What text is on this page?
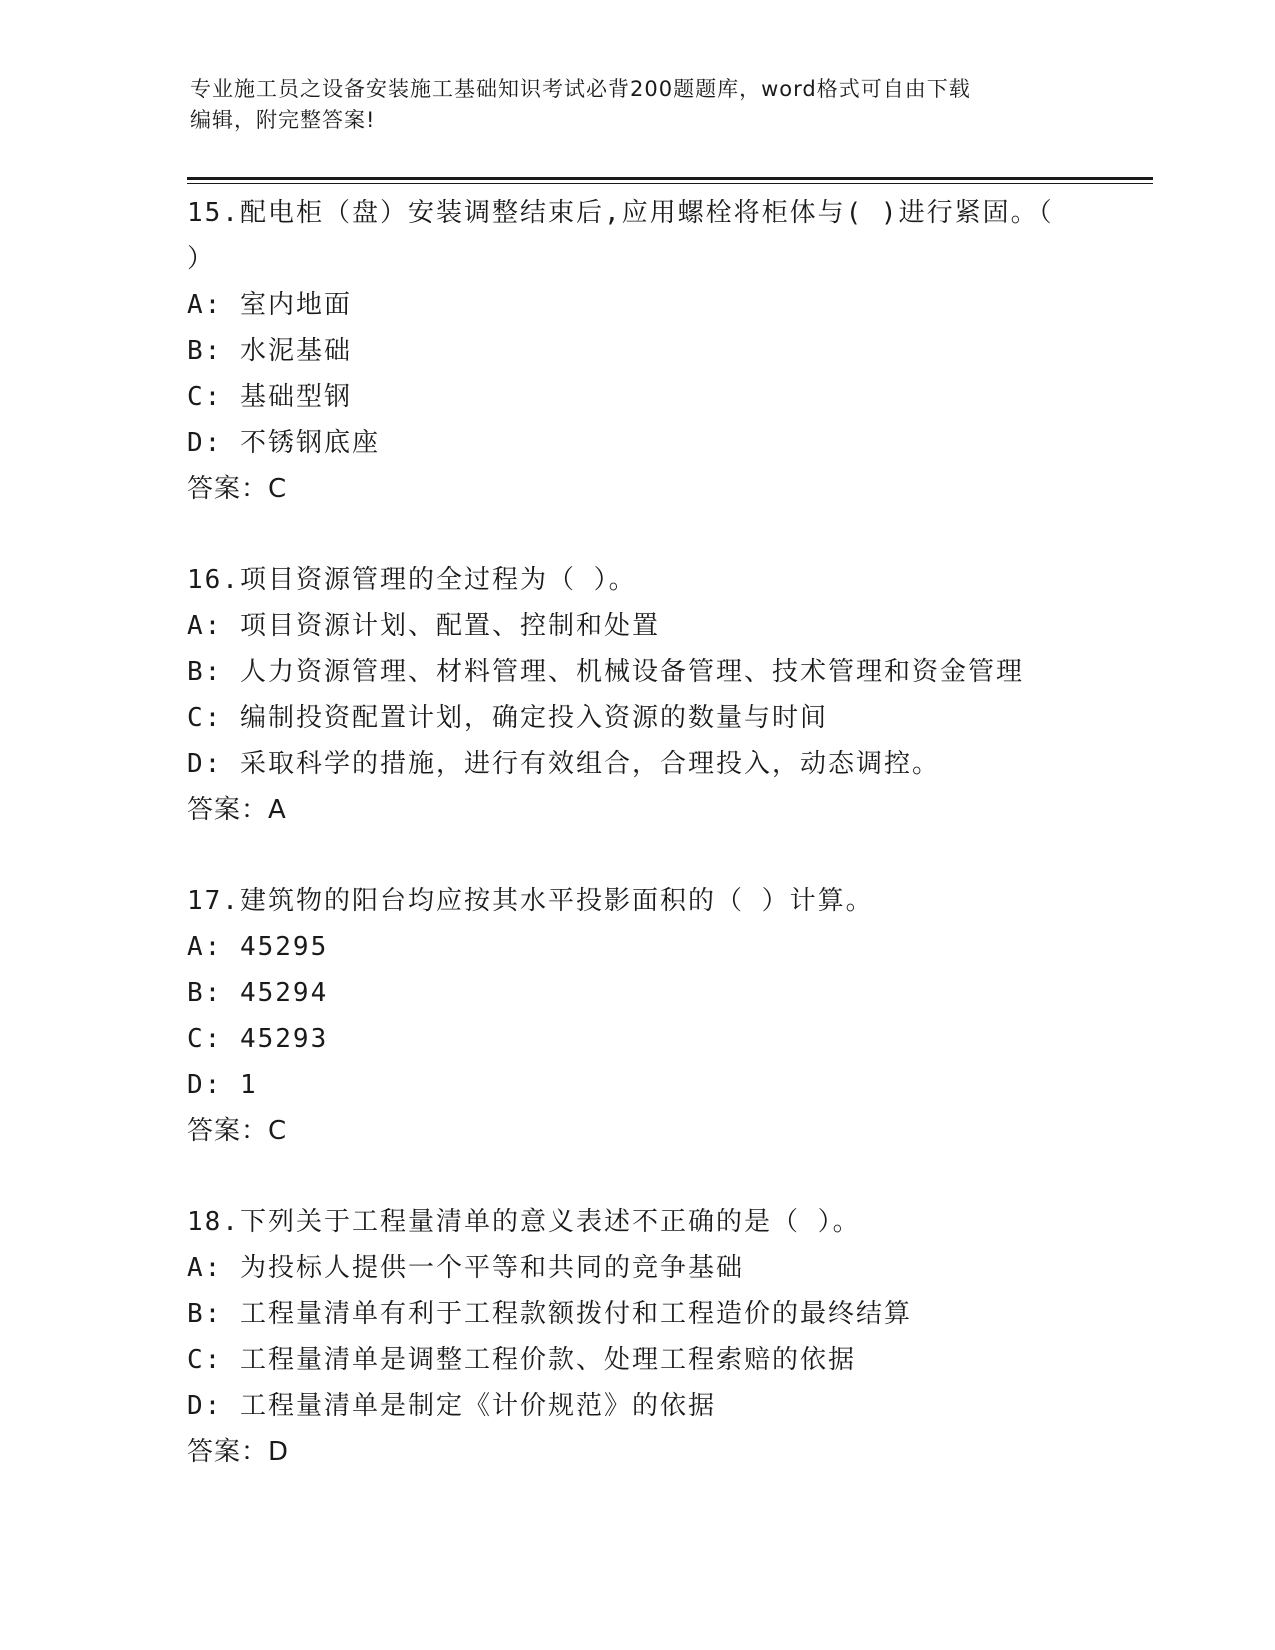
专业施工员之设备安装施工基础知识考试必背200题题库，word格式可自由下载
编辑，附完整答案!
15.配电柜（盘）安装调整结束后,应用螺栓将柜体与( )进行紧固。（ ）
A: 室内地面
B: 水泥基础
C: 基础型钢
D: 不锈钢底座
答案：C
16.项目资源管理的全过程为（ ）。
A: 项目资源计划、配置、控制和处置
B: 人力资源管理、材料管理、机械设备管理、技术管理和资金管理
C: 编制投资配置计划，确定投入资源的数量与时间
D: 采取科学的措施，进行有效组合，合理投入，动态调控。
答案：A
17.建筑物的阳台均应按其水平投影面积的（ ）计算。
A: 45295
B: 45294
C: 45293
D: 1
答案：C
18.下列关于工程量清单的意义表述不正确的是（ ）。
A: 为投标人提供一个平等和共同的竞争基础
B: 工程量清单有利于工程款额拨付和工程造价的最终结算
C: 工程量清单是调整工程价款、处理工程索赔的依据
D: 工程量清单是制定《计价规范》的依据
答案：D
